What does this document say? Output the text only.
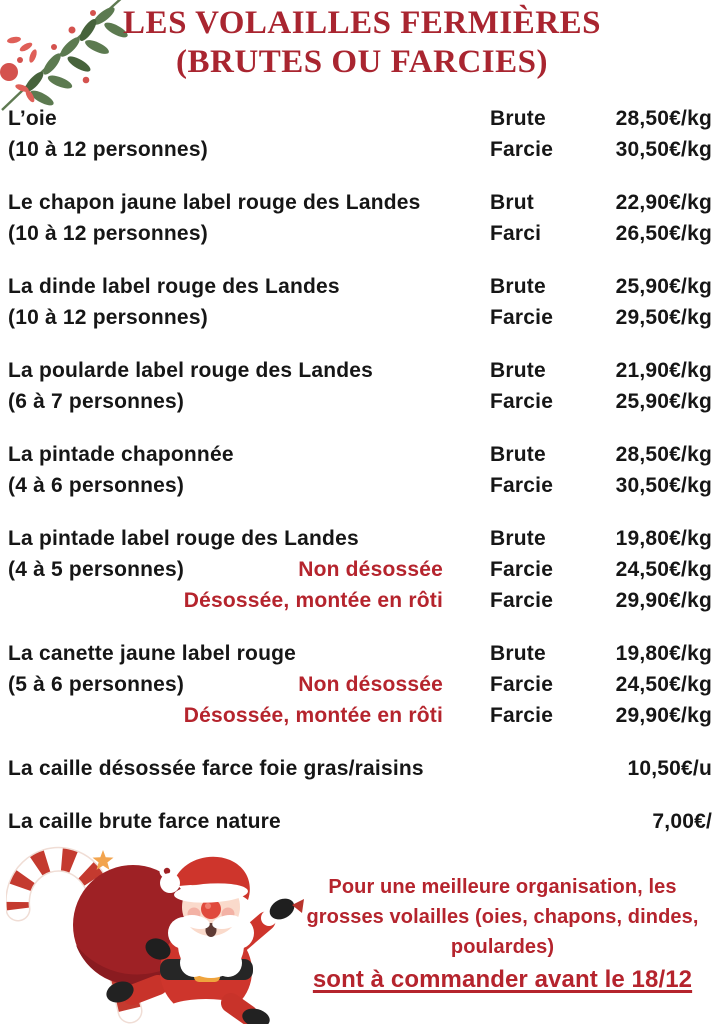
LES VOLAILLES FERMIÈRES
(BRUTES OU FARCIES)
L’oie	Brute	28,50€/kg
(10 à 12 personnes)	Farcie	30,50€/kg
Le chapon jaune label rouge des Landes	Brut	22,90€/kg
(10 à 12 personnes)	Farci	26,50€/kg
La dinde label rouge des Landes	Brute	25,90€/kg
(10 à 12 personnes)	Farcie	29,50€/kg
La poularde label rouge des Landes	Brute	21,90€/kg
(6 à 7 personnes)	Farcie	25,90€/kg
La pintade chaponnée	Brute	28,50€/kg
(4 à 6 personnes)	Farcie	30,50€/kg
La pintade label rouge des Landes	Brute	19,80€/kg
(4 à 5 personnes)	Non désossée	Farcie	24,50€/kg
Désossée, montée en rôti	Farcie	29,90€/kg
La canette jaune label rouge	Brute	19,80€/kg
(5 à 6 personnes)	Non désossée	Farcie	24,50€/kg
Désossée, montée en rôti	Farcie	29,90€/kg
La caille désossée farce foie gras/raisins	10,50€/u
La caille brute farce nature	7,00€/
Pour une meilleure organisation, les
grosses volailles (oies, chapons, dindes,
poulardes)
sont à commander avant le 18/12
